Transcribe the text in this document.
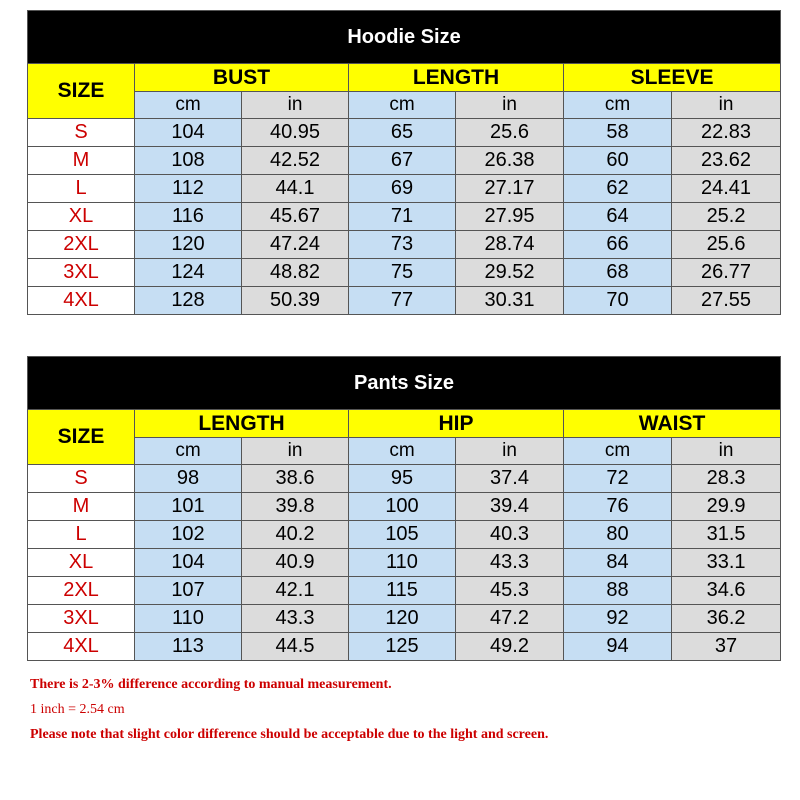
Hoodie Size						
SIZE	BUST		LENGTH		SLEEVE	
	cm	in	cm	in	cm	in
S	104	40.95	65	25.6	58	22.83
M	108	42.52	67	26.38	60	23.62
L	112	44.1	69	27.17	62	24.41
XL	116	45.67	71	27.95	64	25.2
2XL	120	47.24	73	28.74	66	25.6
3XL	124	48.82	75	29.52	68	26.77
4XL	128	50.39	77	30.31	70	27.55
Pants Size						
SIZE	LENGTH		HIP		WAIST	
	cm	in	cm	in	cm	in
S	98	38.6	95	37.4	72	28.3
M	101	39.8	100	39.4	76	29.9
L	102	40.2	105	40.3	80	31.5
XL	104	40.9	110	43.3	84	33.1
2XL	107	42.1	115	45.3	88	34.6
3XL	110	43.3	120	47.2	92	36.2
4XL	113	44.5	125	49.2	94	37
There is 2-3% difference according to manual measurement.
1 inch = 2.54 cm
Please note that slight color difference should be acceptable due to the light and screen.
